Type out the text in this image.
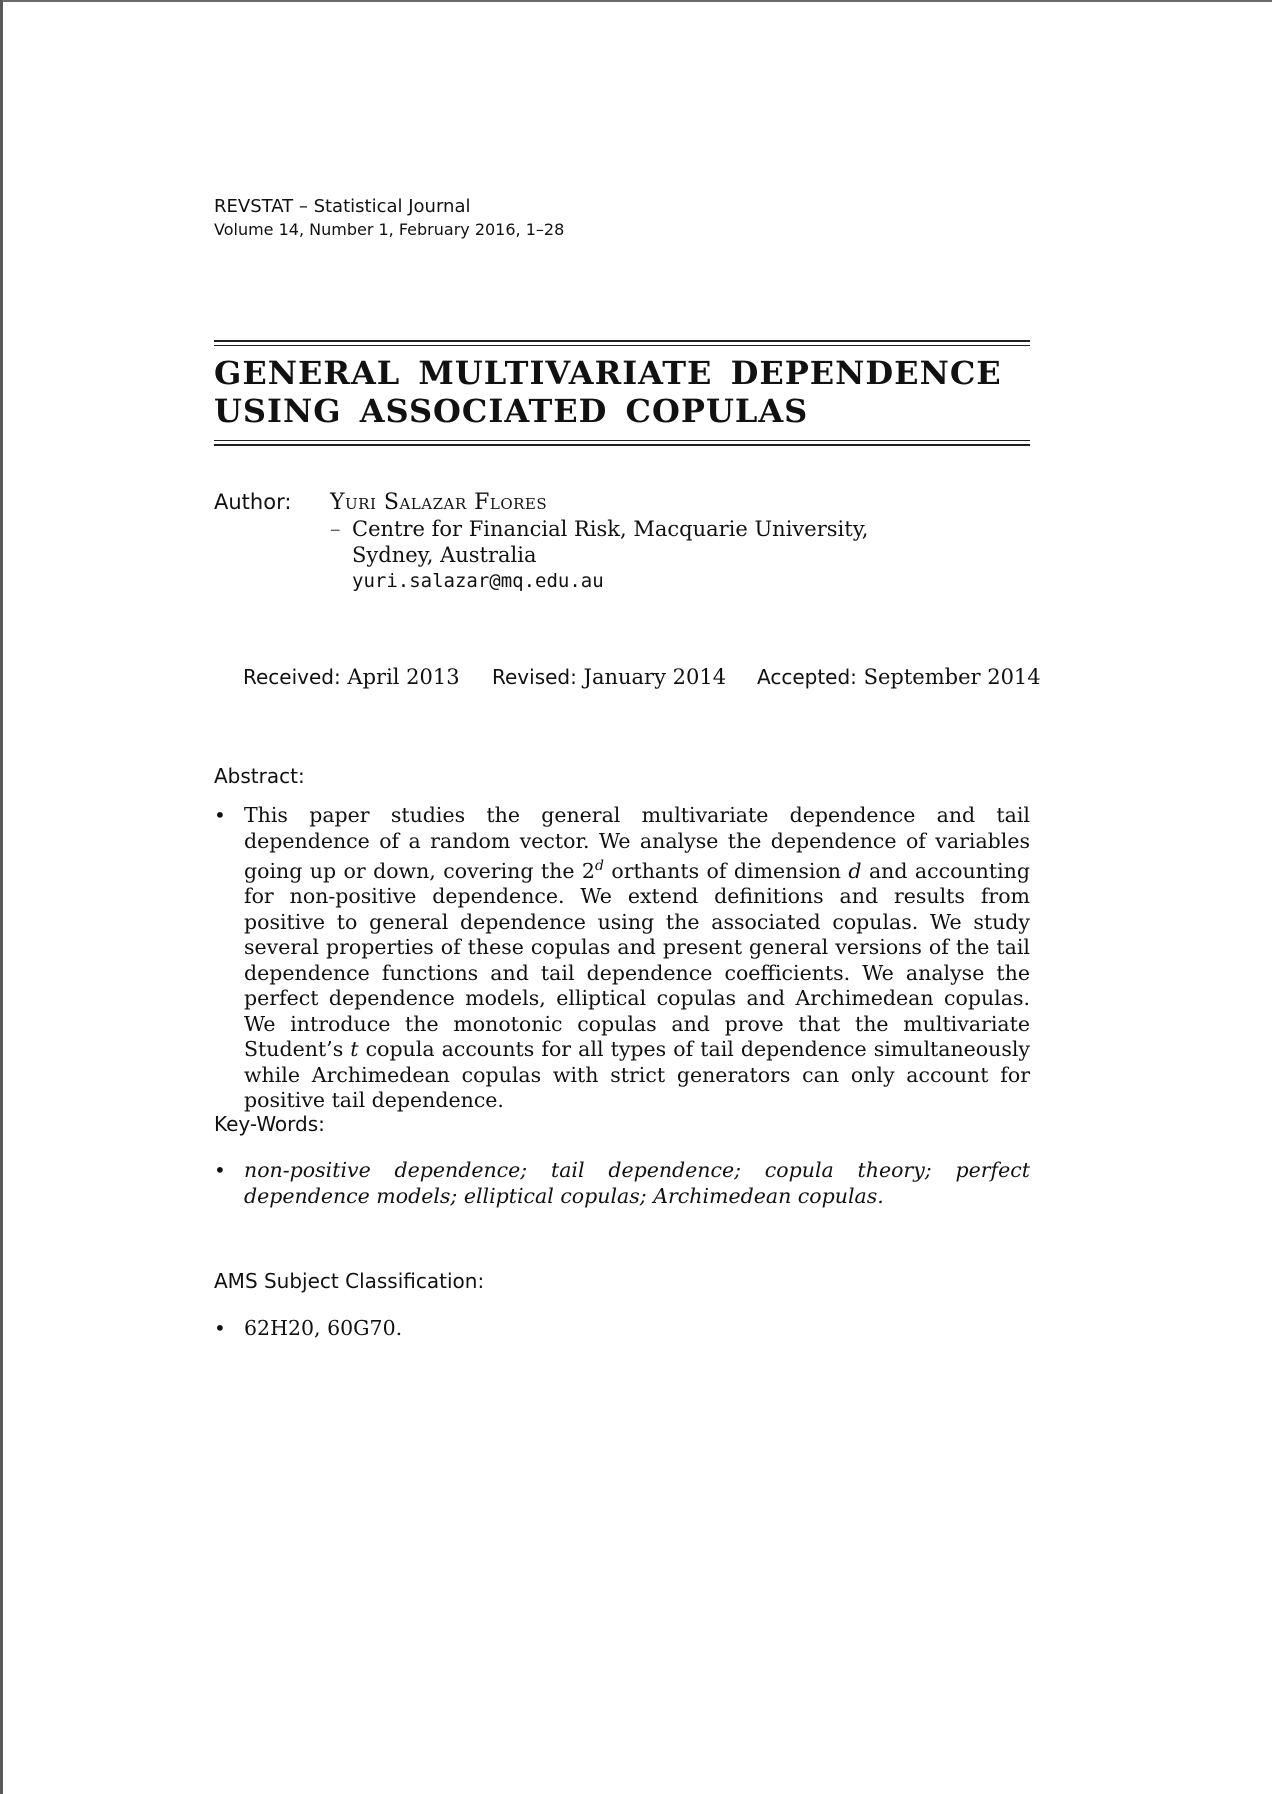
REVSTAT – Statistical Journal
Volume 14, Number 1, February 2016, 1–28
GENERAL MULTIVARIATE DEPENDENCE
USING ASSOCIATED COPULAS
Author: Yuri Salazar Flores
– Centre for Financial Risk, Macquarie University,
Sydney, Australia
yuri.salazar@mq.edu.au
Received: April 2013 Revised: January 2014 Accepted: September 2014
Abstract:
• This paper studies the general multivariate dependence and tail dependence of a random vector. We analyse the dependence of variables going up or down, covering the 2$^d$ orthants of dimension d and accounting for non-positive dependence. We extend definitions and results from positive to general dependence using the associated copulas. We study several properties of these copulas and present general versions of the tail dependence functions and tail dependence coefficients. We analyse the perfect dependence models, elliptical copulas and Archimedean copulas. We introduce the monotonic copulas and prove that the multivariate Student’s t copula accounts for all types of tail dependence simultaneously while Archimedean copulas with strict generators can only account for positive tail dependence.
Key-Words:
• non-positive dependence; tail dependence; copula theory; perfect dependence models; elliptical copulas; Archimedean copulas.
AMS Subject Classification:
• 62H20, 60G70.
